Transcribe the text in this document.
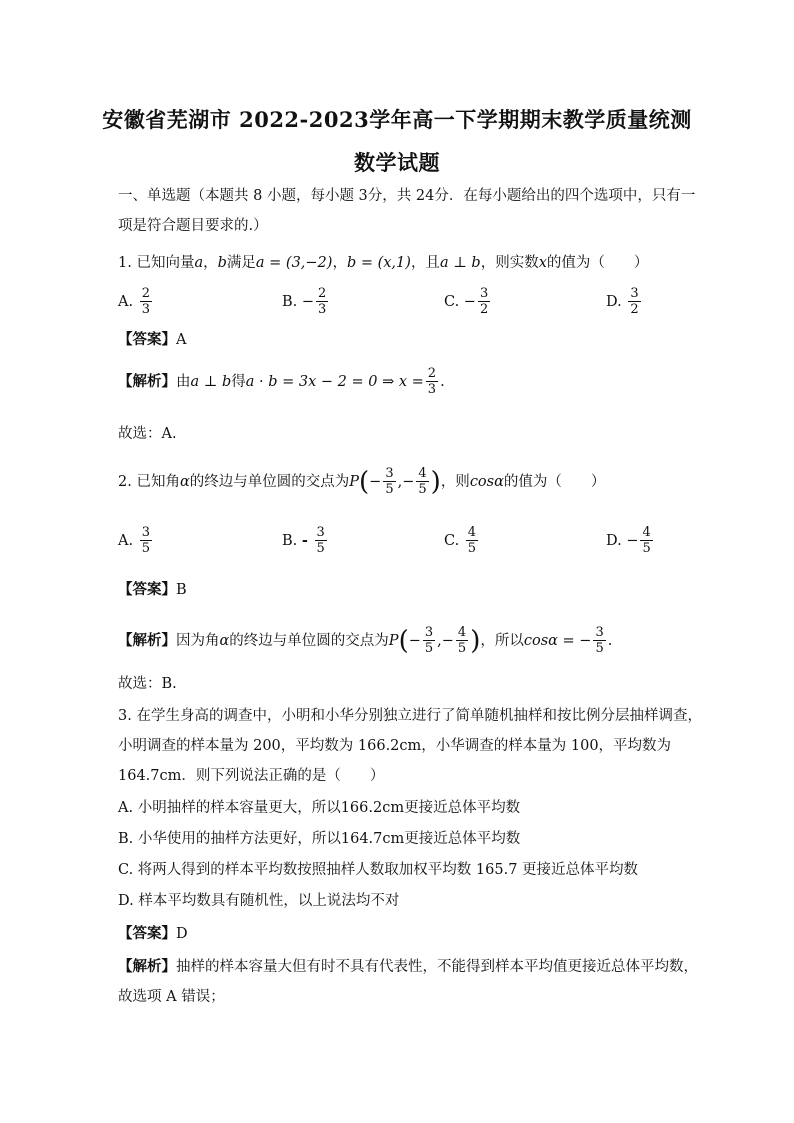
安徽省芜湖市 2022-2023学年高一下学期期末教学质量统测
数学试题
一、单选题（本题共 8 小题，每小题 3分，共 24分．在每小题给出的四个选项中，只有一
项是符合题目要求的.）
1. 已知向量a，b满足a = (3,−2)，b = (x,1)，且a ⊥ b，则实数x的值为（　　）
A.
$\frac{2}{3}$	B.
− $\frac{2}{3}$	C.
− $\frac{3}{2}$	D.
$\frac{3}{2}$
【答案】A
【解析】 由 a ⊥ b 得 a · b = 3x − 2 = 0 ⇒ $x = \frac{2}{3}$ .
故选：A.
2. 已知角 α 的终边与单位圆的交点为 P ( − $\frac{3}{5}$ ,− $\frac{4}{5}$ ) ，则 cosα 的值为（　　）
A.
$\frac{3}{5}$	B.
-
$\frac{3}{5}$	C.
$\frac{4}{5}$	D.
− $\frac{4}{5}$
【答案】B
【解析】 因为角 α 的终边与单位圆的交点为 P ( − $\frac{3}{5}$ ,− $\frac{4}{5}$ ) ，所以 cosα = − $\frac{3}{5}$ .
故选：B.
3. 在学生身高的调查中，小明和小华分别独立进行了简单随机抽样和按比例分层抽样调查，
小明调查的样本量为 200，平均数为 166.2cm，小华调查的样本量为 100，平均数为
164.7cm．则下列说法正确的是（　　）
A. 小明抽样的样本容量更大，所以166.2cm更接近总体平均数
B. 小华使用的抽样方法更好，所以164.7cm更接近总体平均数
C. 将两人得到的样本平均数按照抽样人数取加权平均数 165.7 更接近总体平均数
D. 样本平均数具有随机性，以上说法均不对
【答案】D
【解析】抽样的样本容量大但有时不具有代表性，不能得到样本平均值更接近总体平均数，
故选项 A 错误；
